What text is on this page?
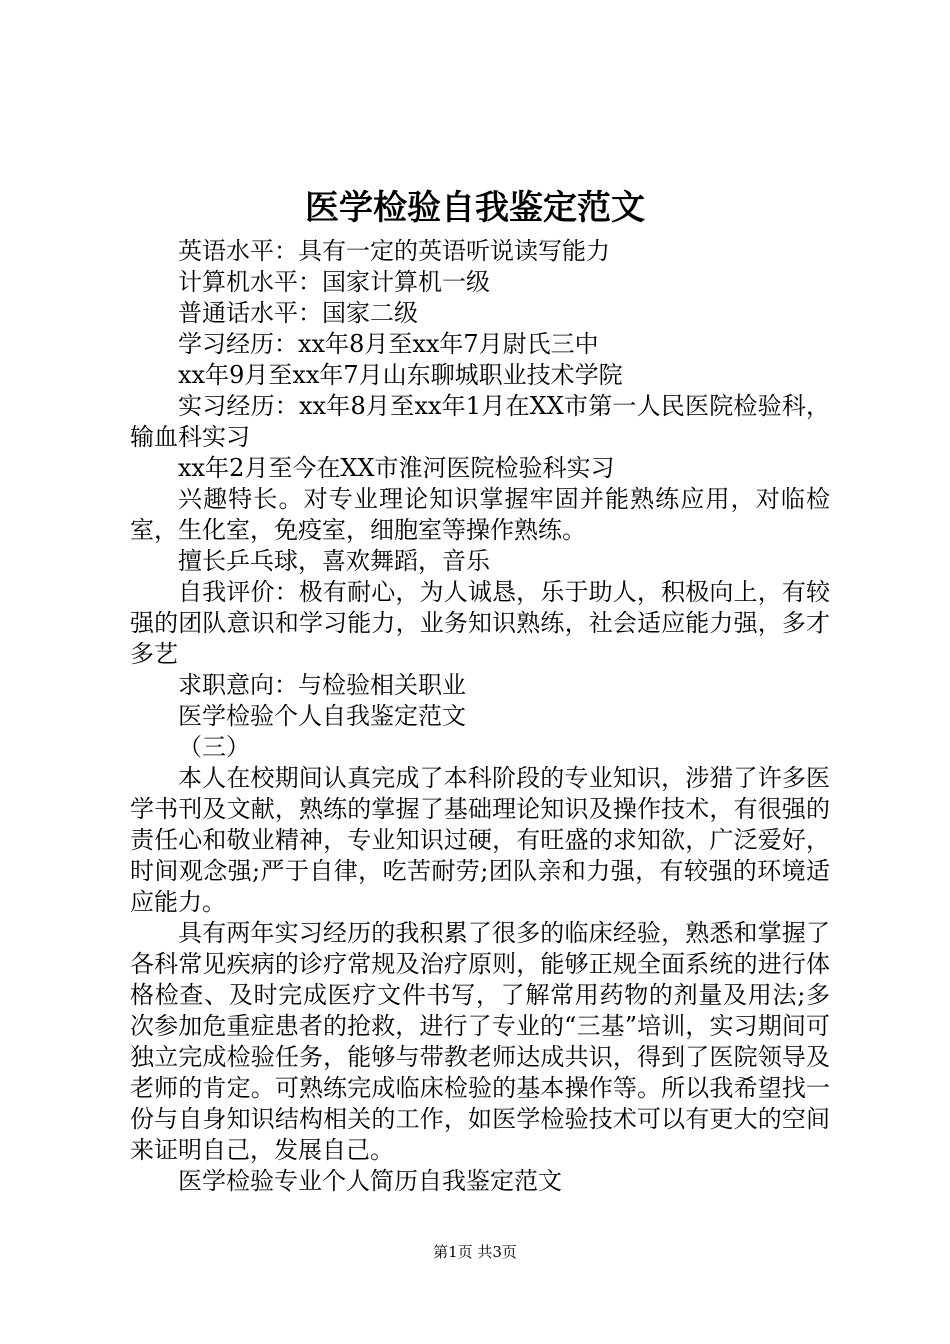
医学检验自我鉴定范文

英语水平：具有一定的英语听说读写能力

计算机水平：国家计算机一级

普通话水平：国家二级

学习经历：xx年8月至xx年7月尉氏三中

xx年9月至xx年7月山东聊城职业技术学院

实习经历：xx年8月至xx年1月在XX市第一人民医院检验科，输血科实习

xx年2月至今在XX市淮河医院检验科实习

兴趣特长。对专业理论知识掌握牢固并能熟练应用，对临检室，生化室，免疫室，细胞室等操作熟练。

擅长乒乓球，喜欢舞蹈，音乐

自我评价：极有耐心，为人诚恳，乐于助人，积极向上，有较强的团队意识和学习能力，业务知识熟练，社会适应能力强，多才多艺

求职意向：与检验相关职业

医学检验个人自我鉴定范文

（三）

本人在校期间认真完成了本科阶段的专业知识，涉猎了许多医学书刊及文献，熟练的掌握了基础理论知识及操作技术，有很强的责任心和敬业精神，专业知识过硬，有旺盛的求知欲，广泛爱好，时间观念强;严于自律，吃苦耐劳;团队亲和力强，有较强的环境适应能力。

具有两年实习经历的我积累了很多的临床经验，熟悉和掌握了各科常见疾病的诊疗常规及治疗原则，能够正规全面系统的进行体格检查、及时完成医疗文件书写，了解常用药物的剂量及用法;多次参加危重症患者的抢救，进行了专业的“三基”培训，实习期间可独立完成检验任务，能够与带教老师达成共识，得到了医院领导及老师的肯定。可熟练完成临床检验的基本操作等。所以我希望找一份与自身知识结构相关的工作，如医学检验技术可以有更大的空间来证明自己，发展自己。

医学检验专业个人简历自我鉴定范文

第1页 共3页
